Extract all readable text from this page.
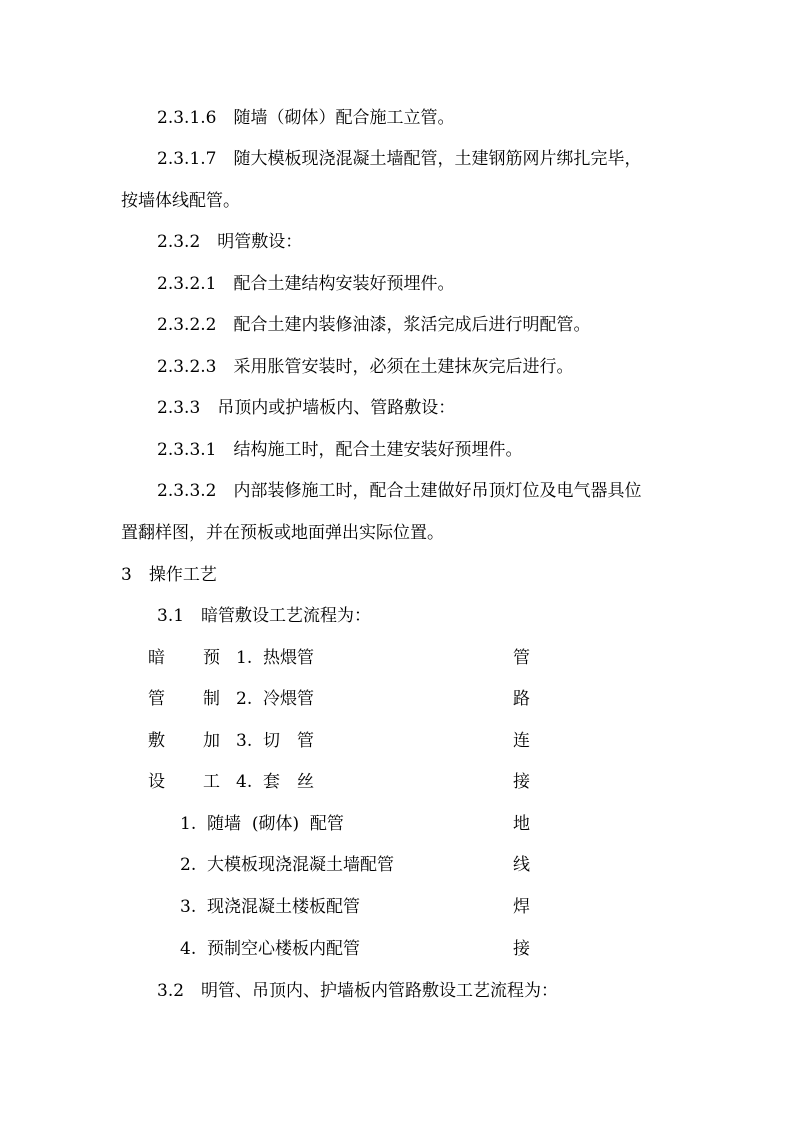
2.3.1.6　随墙（砌体）配合施工立管。
2.3.1.7　随大模板现浇混凝土墙配管，土建钢筋网片绑扎完毕，
按墙体线配管。
2.3.2　明管敷设：
2.3.2.1　配合土建结构安装好预埋件。
2.3.2.2　配合土建内装修油漆，浆活完成后进行明配管。
2.3.2.3　采用胀管安装时，必须在土建抹灰完后进行。
2.3.3　吊顶内或护墙板内、管路敷设：
2.3.3.1　结构施工时，配合土建安装好预埋件。
2.3.3.2　内部装修施工时，配合土建做好吊顶灯位及电气器具位
置翻样图，并在预板或地面弹出实际位置。
3　操作工艺
3.1　暗管敷设工艺流程为：
暗
管
敷
设
预
制
加
工
1.  热煨管
2.  冷煨管
3.  切　管
4.  套　丝
1.  随墙  (砌体)  配管
2.  大模板现浇混凝土墙配管
3.  现浇混凝土楼板配管
4.  预制空心楼板内配管
管
路
连
接
地
线
焊
接
3.2　明管、吊顶内、护墙板内管路敷设工艺流程为：
